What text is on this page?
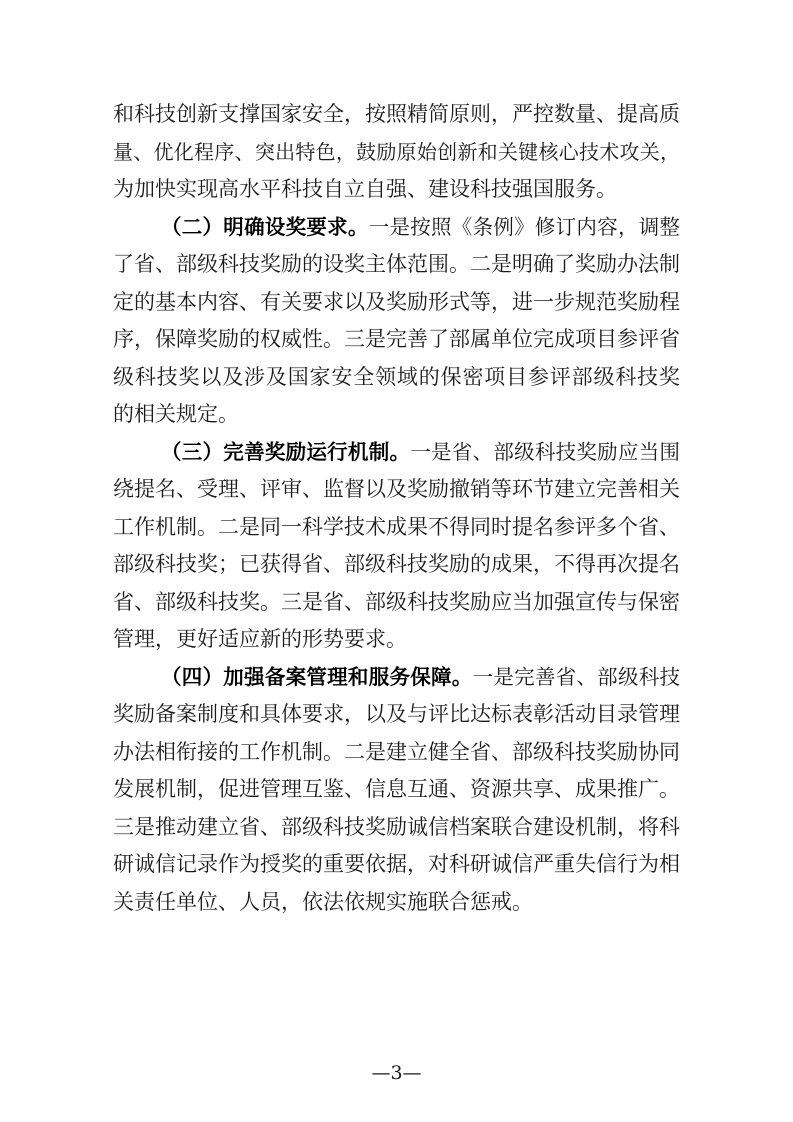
和科技创新支撑国家安全，按照精简原则，严控数量、提高质
量、优化程序、突出特色，鼓励原始创新和关键核心技术攻关，
为加快实现高水平科技自立自强、建设科技强国服务。
（二）明确设奖要求。一是按照《条例》修订内容，调整
了省、部级科技奖励的设奖主体范围。二是明确了奖励办法制
定的基本内容、有关要求以及奖励形式等，进一步规范奖励程
序，保障奖励的权威性。三是完善了部属单位完成项目参评省
级科技奖以及涉及国家安全领域的保密项目参评部级科技奖
的相关规定。
（三）完善奖励运行机制。一是省、部级科技奖励应当围
绕提名、受理、评审、监督以及奖励撤销等环节建立完善相关
工作机制。二是同一科学技术成果不得同时提名参评多个省、
部级科技奖；已获得省、部级科技奖励的成果，不得再次提名
省、部级科技奖。三是省、部级科技奖励应当加强宣传与保密
管理，更好适应新的形势要求。
（四）加强备案管理和服务保障。一是完善省、部级科技
奖励备案制度和具体要求，以及与评比达标表彰活动目录管理
办法相衔接的工作机制。二是建立健全省、部级科技奖励协同
发展机制，促进管理互鉴、信息互通、资源共享、成果推广。
三是推动建立省、部级科技奖励诚信档案联合建设机制，将科
研诚信记录作为授奖的重要依据，对科研诚信严重失信行为相
关责任单位、人员，依法依规实施联合惩戒。
—3—
